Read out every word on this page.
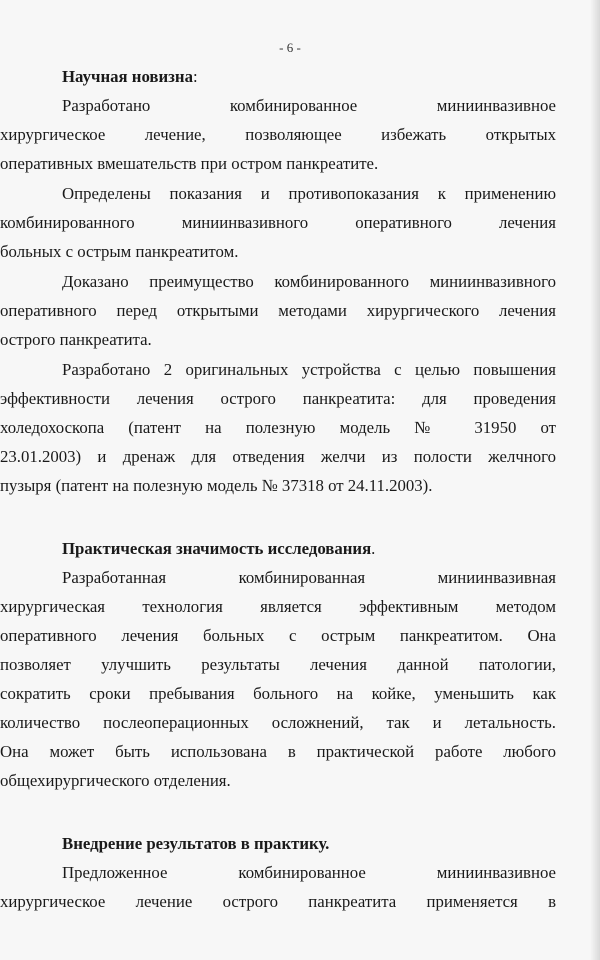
- 6 -

Научная новизна:

Разработано комбинированное миниинвазивное
хирургическое лечение, позволяющее избежать открытых
оперативных вмешательств при остром панкреатите.
Определены показания и противопоказания к применению
комбинированного миниинвазивного оперативного лечения
больных с острым панкреатитом.
Доказано преимущество комбинированного миниинвазивного
оперативного перед открытыми методами хирургического лечения
острого панкреатита.
Разработано 2 оригинальных устройства с целью повышения
эффективности лечения острого панкреатита: для проведения
холедохоскопа (патент на полезную модель № 31950 от
23.01.2003) и дренаж для отведения желчи из полости желчного
пузыря (патент на полезную модель № 37318 от 24.11.2003).

Практическая значимость исследования.

Разработанная комбинированная миниинвазивная
хирургическая технология является эффективным методом
оперативного лечения больных с острым панкреатитом. Она
позволяет улучшить результаты лечения данной патологии,
сократить сроки пребывания больного на койке, уменьшить как
количество послеоперационных осложнений, так и летальность.
Она может быть использована в практической работе любого
общехирургического отделения.

Внедрение результатов в практику.

Предложенное комбинированное миниинвазивное
хирургическое лечение острого панкреатита применяется в
